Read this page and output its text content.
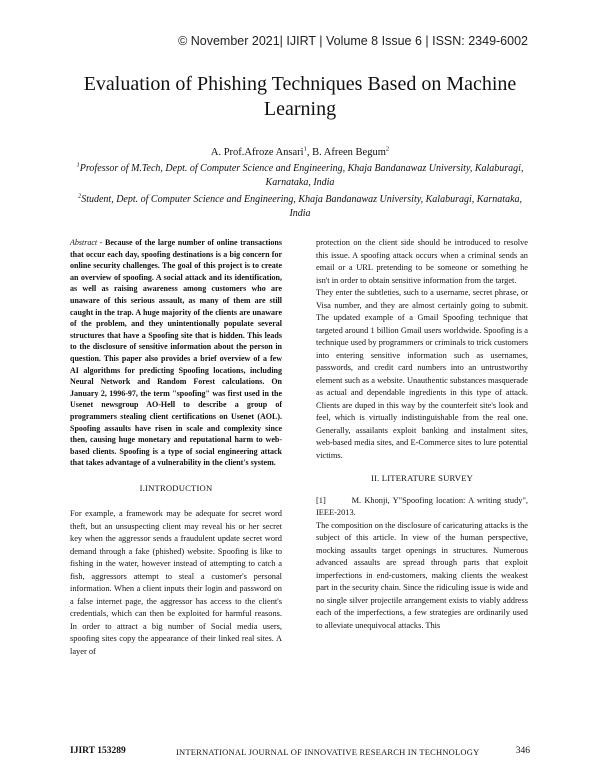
© November 2021| IJIRT | Volume 8 Issue 6 | ISSN: 2349-6002
Evaluation of Phishing Techniques Based on Machine Learning
A. Prof.Afroze Ansari$^1$, B. Afreen Begum$^2$
$^1$Professor of M.Tech, Dept. of Computer Science and Engineering, Khaja Bandanawaz University, Kalaburagi, Karnataka, India
$^2$Student, Dept. of Computer Science and Engineering, Khaja Bandanawaz University, Kalaburagi, Karnataka, India

Abstract - Because of the large number of online transactions that occur each day, spoofing destinations is a big concern for online security challenges. The goal of this project is to create an overview of spoofing. A social attack and its identification, as well as raising awareness among customers who are unaware of this serious assault, as many of them are still caught in the trap. A huge majority of the clients are unaware of the problem, and they unintentionally populate several structures that have a Spoofing site that is hidden. This leads to the disclosure of sensitive information about the person in question. This paper also provides a brief overview of a few AI algorithms for predicting Spoofing locations, including Neural Network and Random Forest calculations. On January 2, 1996-97, the term "spoofing" was first used in the Usenet newsgroup AO-Hell to describe a group of programmers stealing client certifications on Usenet (AOL). Spoofing assaults have risen in scale and complexity since then, causing huge monetary and reputational harm to web-based clients. Spoofing is a type of social engineering attack that takes advantage of a vulnerability in the client's system.

I.INTRODUCTION

For example, a framework may be adequate for secret word theft, but an unsuspecting client may reveal his or her secret key when the aggressor sends a fraudulent update secret word demand through a fake (phished) website. Spoofing is like to fishing in the water, however instead of attempting to catch a fish, aggressors attempt to steal a customer's personal information. When a client inputs their login and password on a false internet page, the aggressor has access to the client's credentials, which can then be exploited for harmful reasons. In order to attract a big number of Social media users, spoofing sites copy the appearance of their linked real sites. A layer of

protection on the client side should be introduced to resolve this issue. A spoofing attack occurs when a criminal sends an email or a URL pretending to be someone or something he isn't in order to obtain sensitive information from the target.

They enter the subtleties, such to a username, secret phrase, or Visa number, and they are almost certainly going to submit. The updated example of a Gmail Spoofing technique that targeted around 1 billion Gmail users worldwide. Spoofing is a technique used by programmers or criminals to trick customers into entering sensitive information such as usernames, passwords, and credit card numbers into an untrustworthy element such as a website. Unauthentic substances masquerade as actual and dependable ingredients in this type of attack. Clients are duped in this way by the counterfeit site's look and feel, which is virtually indistinguishable from the real one. Generally, assailants exploit banking and instalment sites, web-based media sites, and E-Commerce sites to lure potential victims.

II. LITERATURE SURVEY

[1]        M. Khonji, Y"Spoofing location: A writing study", IEEE-2013.

The composition on the disclosure of caricaturing attacks is the subject of this article. In view of the human perspective, mocking assaults target openings in structures. Numerous advanced assaults are spread through parts that exploit imperfections in end-customers, making clients the weakest part in the security chain. Since the ridiculing issue is wide and no single silver projectile arrangement exists to viably address each of the imperfections, a few strategies are ordinarily used to alleviate unequivocal attacks. This

IJIRT 153289	INTERNATIONAL JOURNAL OF INNOVATIVE RESEARCH IN TECHNOLOGY	346
